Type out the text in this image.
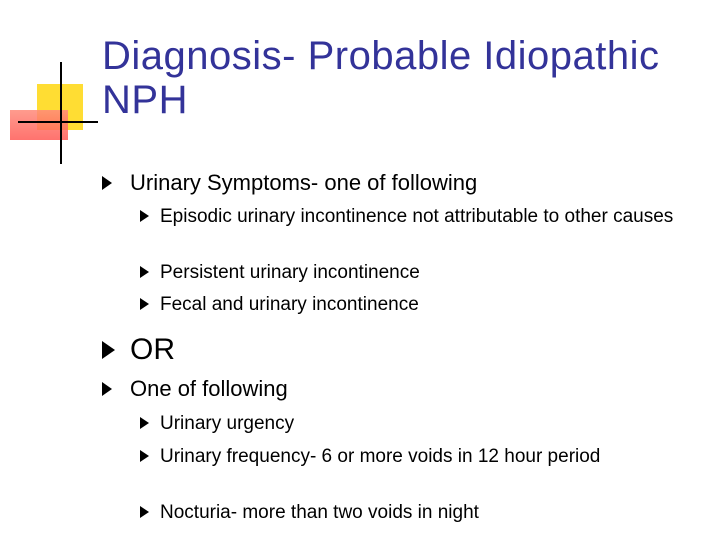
Diagnosis- Probable Idiopathic
NPH
Urinary Symptoms- one of following
Episodic urinary incontinence not attributable to other causes
Persistent urinary incontinence
Fecal and urinary incontinence
OR
One of following
Urinary urgency
Urinary frequency- 6 or more voids in 12 hour period
Nocturia- more than two voids in night
